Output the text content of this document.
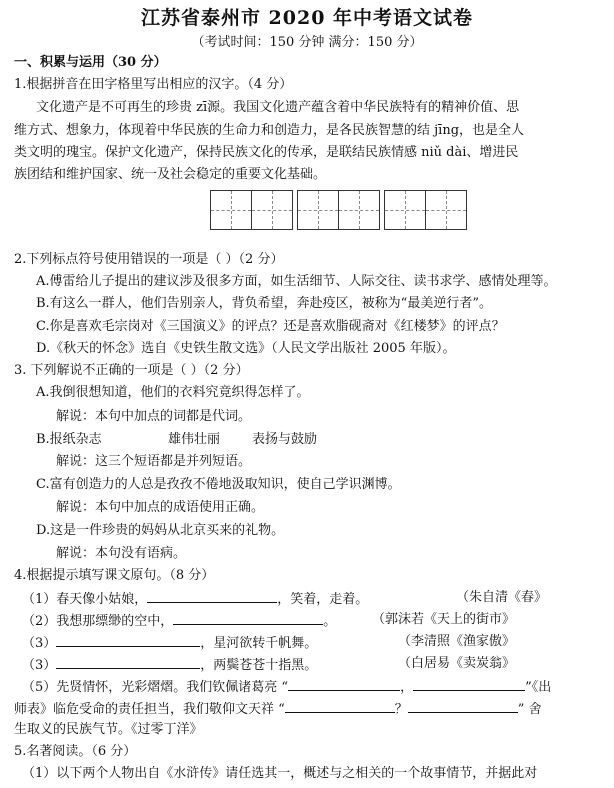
江苏省泰州市 2020 年中考语文试卷
（考试时间：150 分钟 满分：150 分）
一、积累与运用（30 分）
1.根据拼音在田字格里写出相应的汉字。（4 分）
文化遗产是不可再生的珍贵 zī源。我国文化遗产蕴含着中华民族特有的精神价值、思
维方式、想象力，体现着中华民族的生命力和创造力，是各民族智慧的结 jīng，也是全人
类文明的瑰宝。保护文化遗产，保持民族文化的传承，是联结民族情感 niǔ dài、增进民
族团结和维护国家、统一及社会稳定的重要文化基础。
2.下列标点符号使用错误的一项是（ ）（2 分）
A.傅雷给儿子提出的建议涉及很多方面，如生活细节、人际交往、读书求学、感情处理等。
B.有这么一群人，他们告别亲人，背负希望，奔赴疫区，被称为“最美逆行者”。
C.你是喜欢毛宗岗对《三国演义》的评点？还是喜欢脂砚斋对《红楼梦》的评点？
D.《秋天的怀念》选自《史铁生散文选》（人民文学出版社 2005 年版）。
3. 下列解说不正确的一项是（ ）（2 分）
A.我倒很想知道，他们的衣料究竟织得怎样了。
解说：本句中加点的词都是代词。
B.报纸杂志	雄伟壮丽 表扬与鼓励
解说：这三个短语都是并列短语。
C.富有创造力的人总是孜孜不倦地汲取知识，使自己学识渊博。
解说：本句中加点的成语使用正确。
D.这是一件珍贵的妈妈从北京买来的礼物。
解说：本句没有语病。
4.根据提示填写课文原句。（8 分）
（1）春天像小姑娘，	，笑着，走着。	（朱自清《春》
（2）我想那缥缈的空中，	。	（郭沫若《天上的街市》
（3）	，星河欲转千帆舞。	（李清照《渔家傲》
（3）	，两鬓苍苍十指黑。	（白居易《卖炭翁》
（5）先贤情怀，光彩熠熠。我们钦佩诸葛亮 “	，	”《出
师表》临危受命的责任担当，我们敬仰文天祥 “	？	” 舍
生取义的民族气节。《过零丁洋》
5.名著阅读。（6 分）
（1）以下两个人物出自《水浒传》请任选其一，概述与之相关的一个故事情节，并据此对
